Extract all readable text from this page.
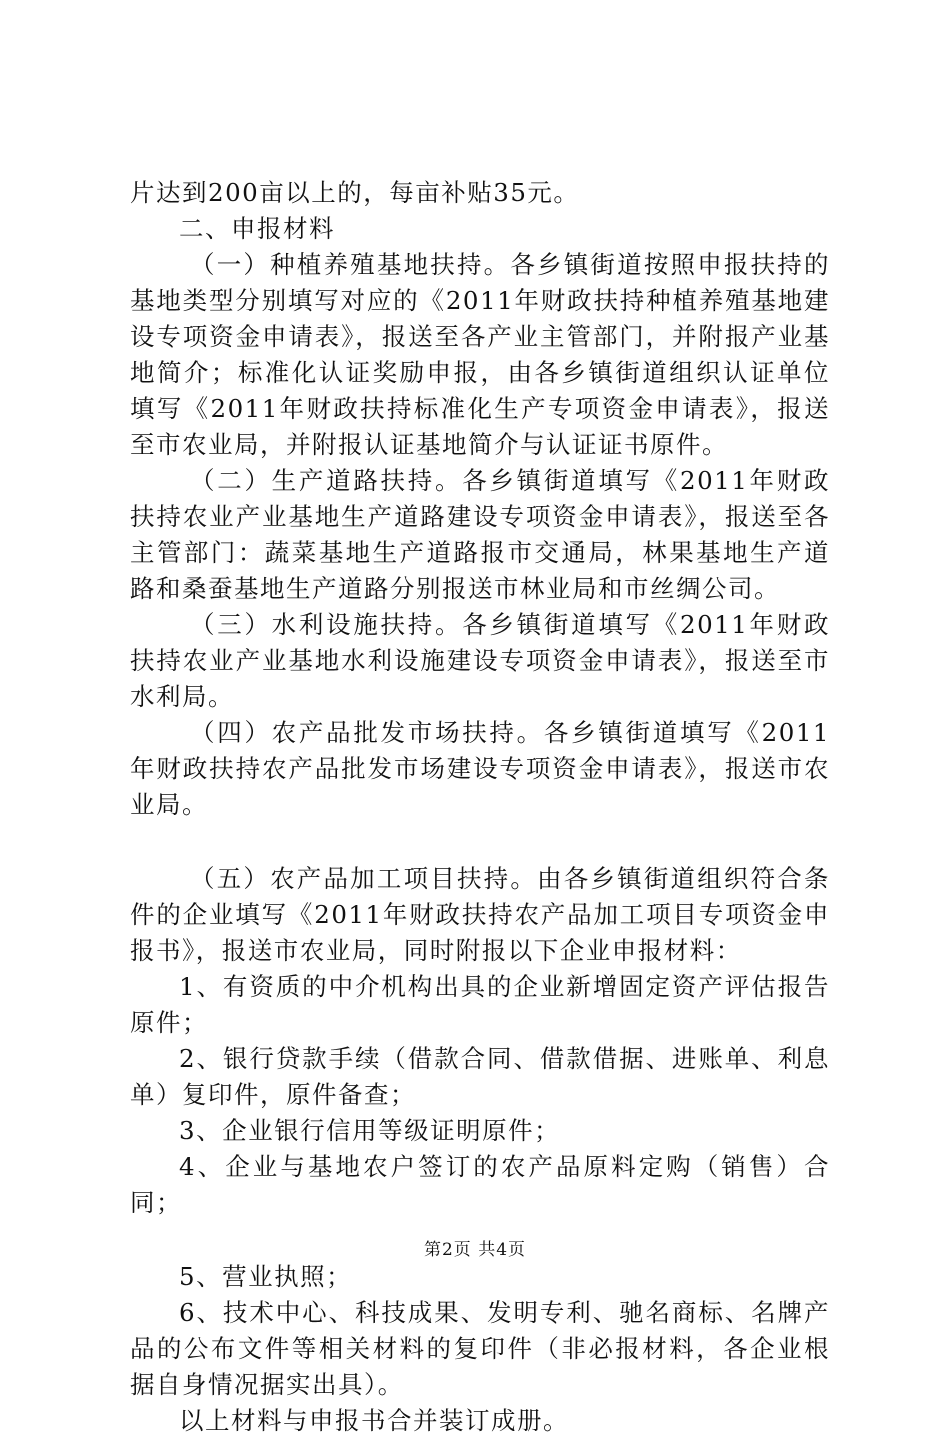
片达到200亩以上的，每亩补贴35元。

二、申报材料

（一）种植养殖基地扶持。各乡镇街道按照申报扶持的基地类型分别填写对应的《2011年财政扶持种植养殖基地建设专项资金申请表》，报送至各产业主管部门，并附报产业基地简介；标准化认证奖励申报，由各乡镇街道组织认证单位填写《2011年财政扶持标准化生产专项资金申请表》，报送至市农业局，并附报认证基地简介与认证证书原件。

（二）生产道路扶持。各乡镇街道填写《2011年财政扶持农业产业基地生产道路建设专项资金申请表》，报送至各主管部门：蔬菜基地生产道路报市交通局，林果基地生产道路和桑蚕基地生产道路分别报送市林业局和市丝绸公司。

（三）水利设施扶持。各乡镇街道填写《2011年财政扶持农业产业基地水利设施建设专项资金申请表》，报送至市水利局。

（四）农产品批发市场扶持。各乡镇街道填写《2011年财政扶持农产品批发市场建设专项资金申请表》，报送市农业局。

（五）农产品加工项目扶持。由各乡镇街道组织符合条件的企业填写《2011年财政扶持农产品加工项目专项资金申报书》，报送市农业局，同时附报以下企业申报材料：

1、有资质的中介机构出具的企业新增固定资产评估报告原件；

2、银行贷款手续（借款合同、借款借据、进账单、利息单）复印件，原件备查；

3、企业银行信用等级证明原件；

4、企业与基地农户签订的农产品原料定购（销售）合同；

5、营业执照；

6、技术中心、科技成果、发明专利、驰名商标、名牌产品的公布文件等相关材料的复印件（非必报材料，各企业根据自身情况据实出具）。

以上材料与申报书合并装订成册。

第2页 共4页
